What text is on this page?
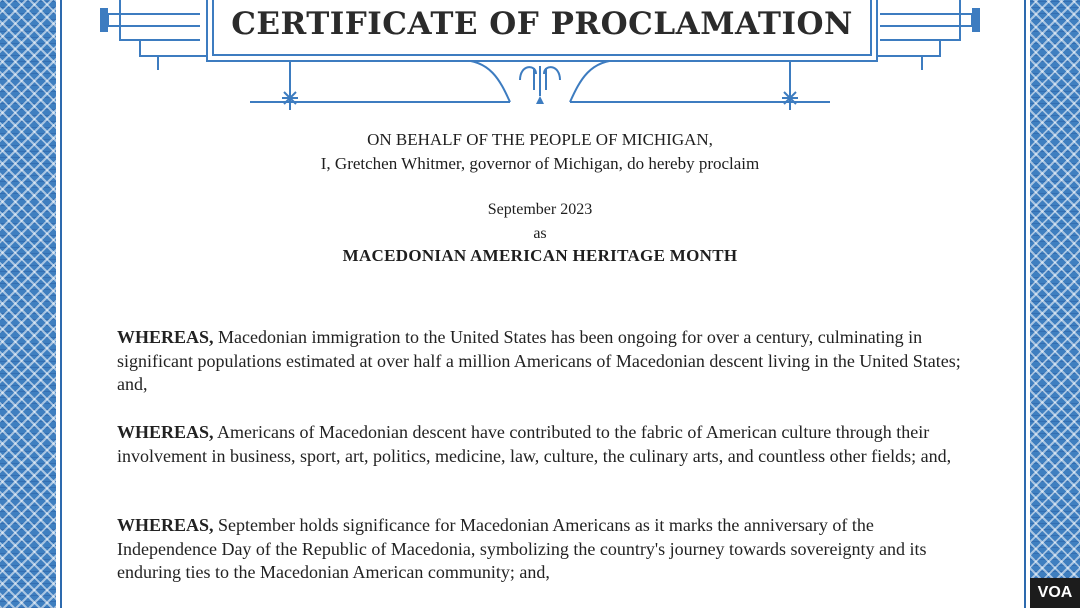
CERTIFICATE OF PROCLAMATION
ON BEHALF OF THE PEOPLE OF MICHIGAN,
I, Gretchen Whitmer, governor of Michigan, do hereby proclaim
September 2023
as
MACEDONIAN AMERICAN HERITAGE MONTH
WHEREAS, Macedonian immigration to the United States has been ongoing for over a century, culminating in significant populations estimated at over half a million Americans of Macedonian descent living in the United States; and,
WHEREAS, Americans of Macedonian descent have contributed to the fabric of American culture through their involvement in business, sport, art, politics, medicine, law, culture, the culinary arts, and countless other fields; and,
WHEREAS, September holds significance for Macedonian Americans as it marks the anniversary of the Independence Day of the Republic of Macedonia, symbolizing the country's journey towards sovereignty and its enduring ties to the Macedonian American community; and,
VOA
